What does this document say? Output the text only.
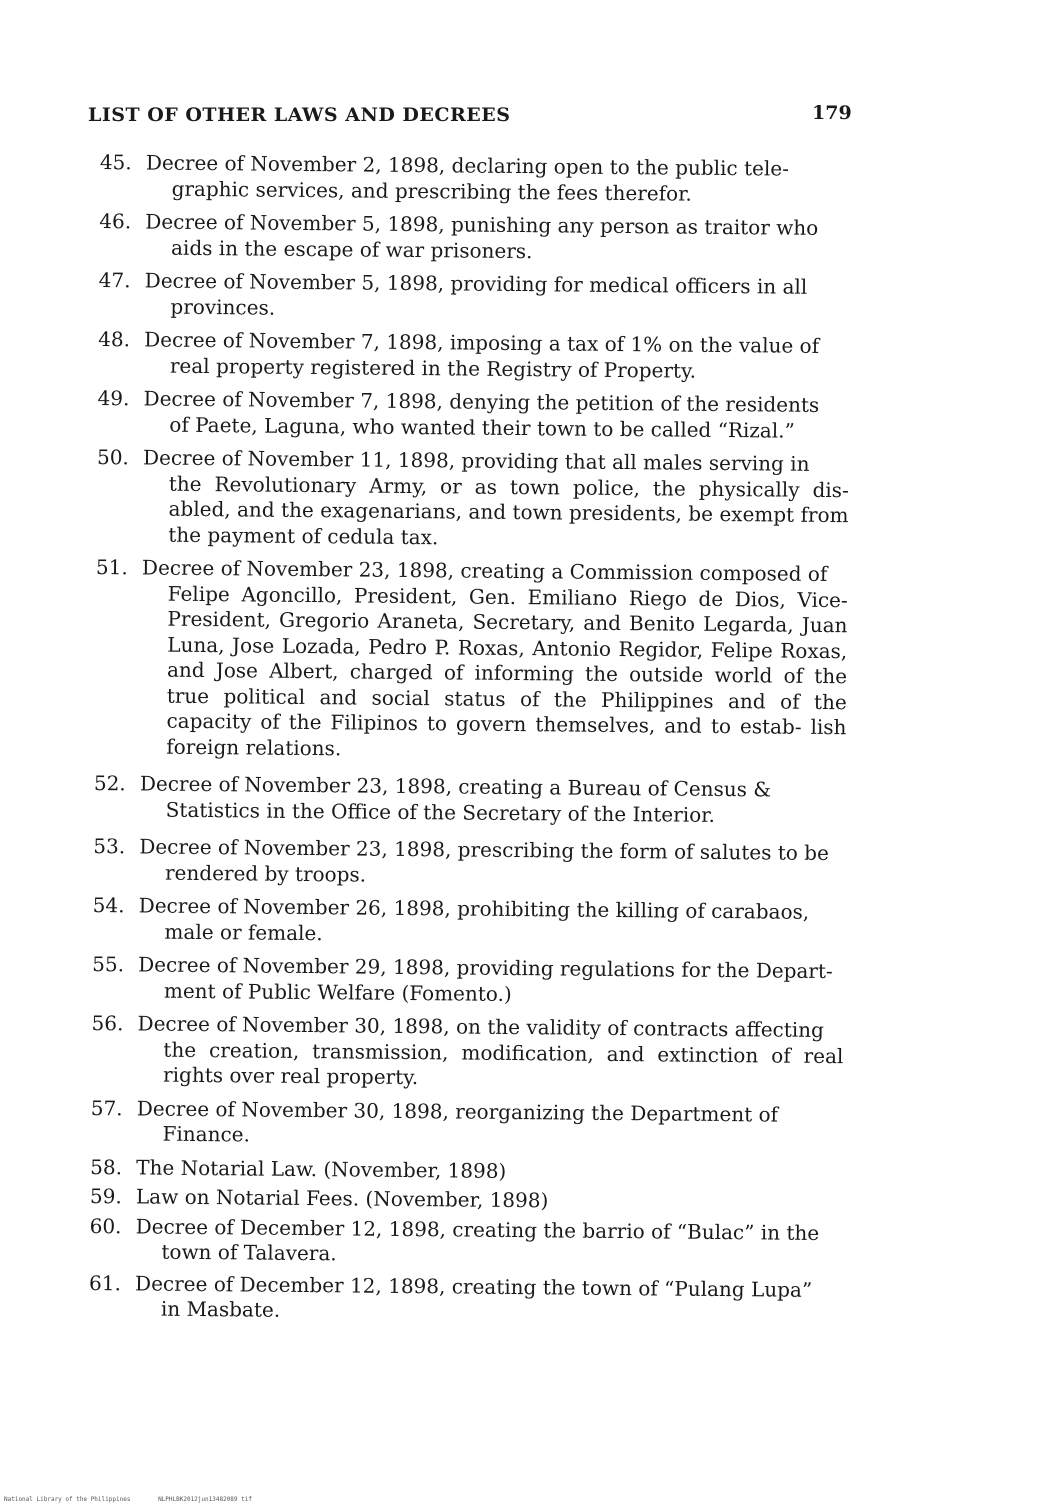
LIST OF OTHER LAWS AND DECREES	179
45. Decree of November 2, 1898, declaring open to the public tele-
graphic services, and prescribing the fees therefor.
46. Decree of November 5, 1898, punishing any person as traitor who
aids in the escape of war prisoners.
47. Decree of November 5, 1898, providing for medical officers in all
provinces.
48. Decree of November 7, 1898, imposing a tax of 1% on the value of
real property registered in the Registry of Property.
49. Decree of November 7, 1898, denying the petition of the residents
of Paete, Laguna, who wanted their town to be called “Rizal.”
50. Decree of November 11, 1898, providing that all males serving in
the Revolutionary Army, or as town police, the physically dis- abled, and the exagenarians, and town presidents, be exempt from the payment of cedula tax.
51. Decree of November 23, 1898, creating a Commission composed of
Felipe Agoncillo, President, Gen. Emiliano Riego de Dios, Vice- President, Gregorio Araneta, Secretary, and Benito Legarda, Juan Luna, Jose Lozada, Pedro P. Roxas, Antonio Regidor, Felipe Roxas, and Jose Albert, charged of informing the outside world of the true political and social status of the Philippines and of the capacity of the Filipinos to govern themselves, and to estab- lish foreign relations.
52. Decree of November 23, 1898, creating a Bureau of Census &
Statistics in the Office of the Secretary of the Interior.
53. Decree of November 23, 1898, prescribing the form of salutes to be
rendered by troops.
54. Decree of November 26, 1898, prohibiting the killing of carabaos,
male or female.
55. Decree of November 29, 1898, providing regulations for the Depart-
ment of Public Welfare (Fomento.)
56. Decree of November 30, 1898, on the validity of contracts affecting
the creation, transmission, modification, and extinction of real rights over real property.
57. Decree of November 30, 1898, reorganizing the Department of
Finance.
58. The Notarial Law. (November, 1898)
59. Law on Notarial Fees. (November, 1898)
60. Decree of December 12, 1898, creating the barrio of “Bulac” in the
town of Talavera.
61. Decree of December 12, 1898, creating the town of “Pulang Lupa”
in Masbate.
National Library of the Philippines	NLPHLBK2012jun13482089 tif
